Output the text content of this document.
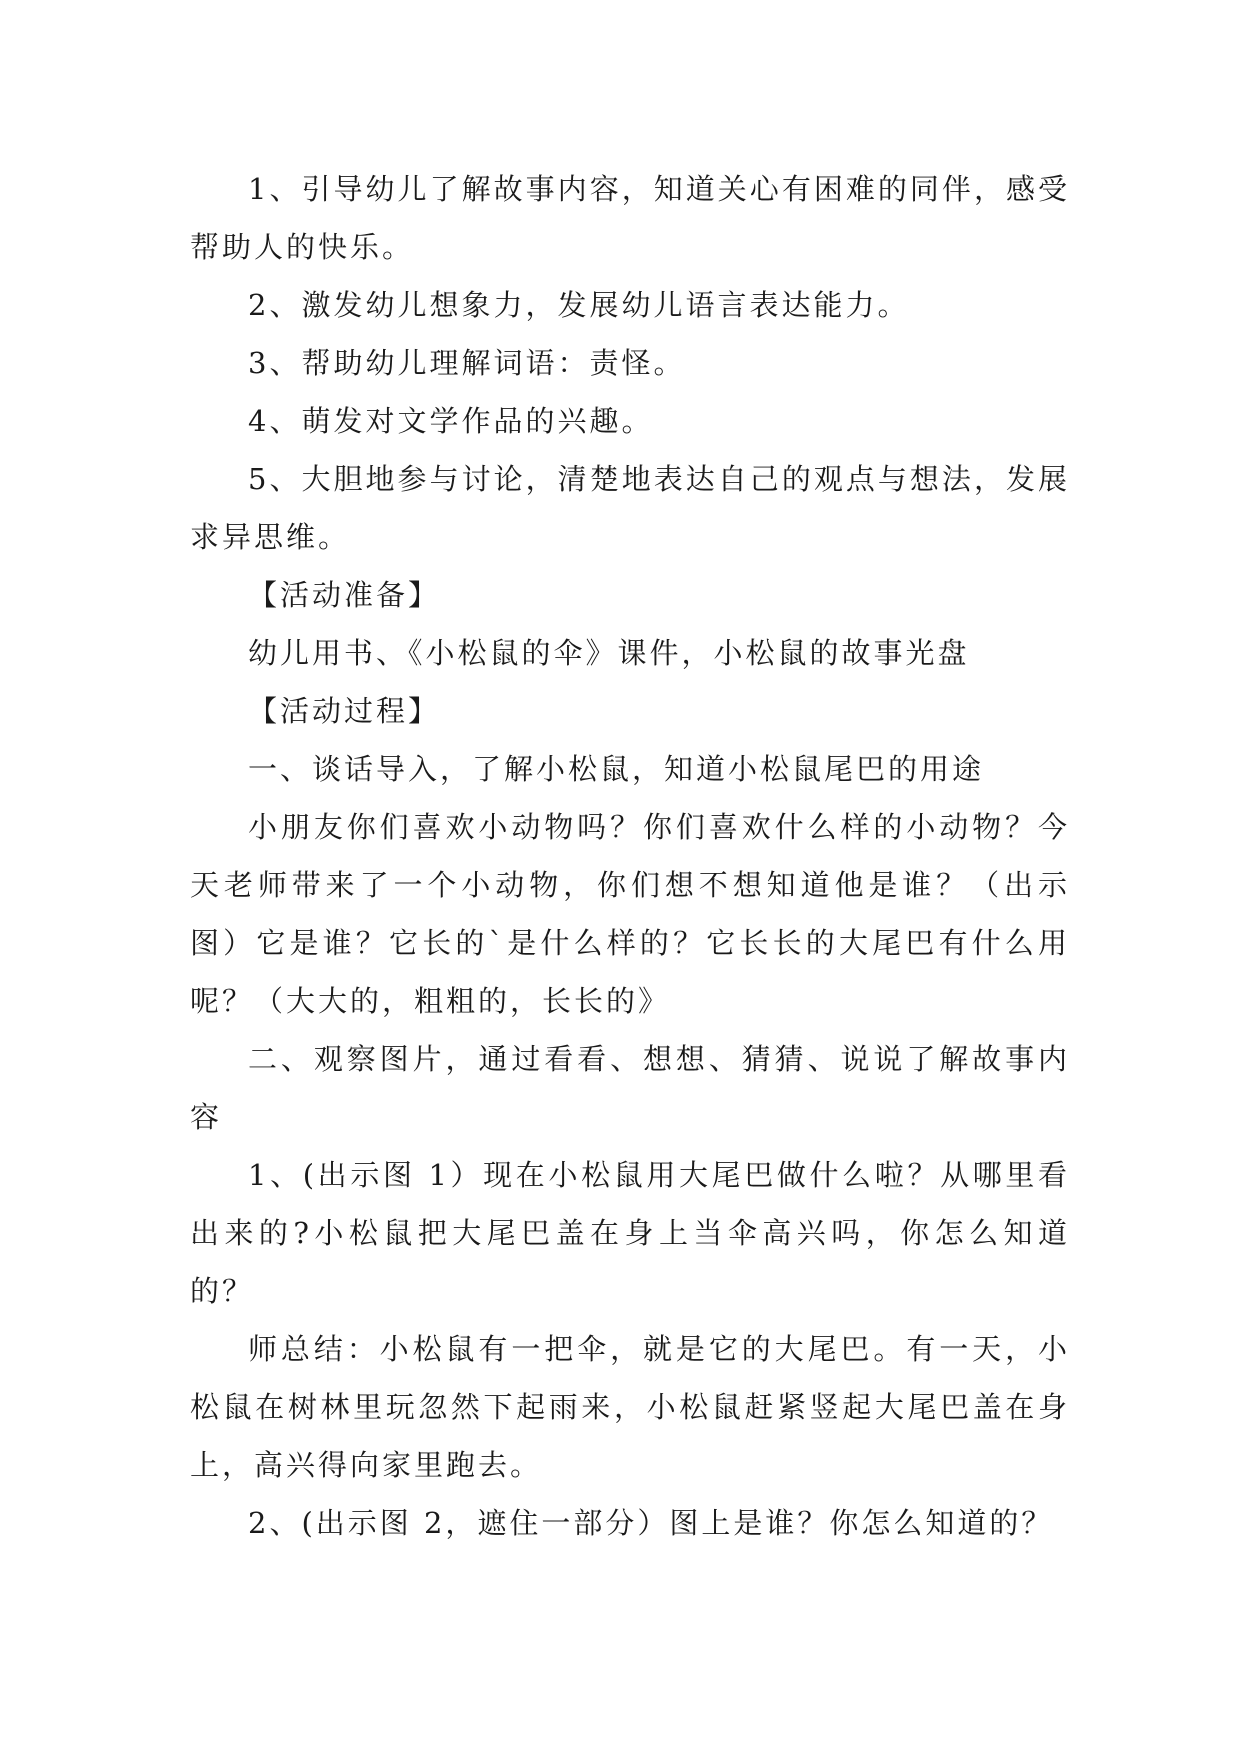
1、引导幼儿了解故事内容，知道关心有困难的同伴，感受帮助人的快乐。

2、激发幼儿想象力，发展幼儿语言表达能力。

3、帮助幼儿理解词语：责怪。

4、萌发对文学作品的兴趣。

5、大胆地参与讨论，清楚地表达自己的观点与想法，发展求异思维。

【活动准备】

幼儿用书、《小松鼠的伞》课件，小松鼠的故事光盘

【活动过程】

一、谈话导入，了解小松鼠，知道小松鼠尾巴的用途

小朋友你们喜欢小动物吗？你们喜欢什么样的小动物？今天老师带来了一个小动物，你们想不想知道他是谁？（出示图）它是谁？它长的`是什么样的？它长长的大尾巴有什么用呢？（大大的，粗粗的，长长的》

二、观察图片，通过看看、想想、猜猜、说说了解故事内容

1、(出示图 1）现在小松鼠用大尾巴做什么啦？从哪里看出来的?小松鼠把大尾巴盖在身上当伞高兴吗，你怎么知道的？

师总结：小松鼠有一把伞，就是它的大尾巴。有一天，小松鼠在树林里玩忽然下起雨来，小松鼠赶紧竖起大尾巴盖在身上，高兴得向家里跑去。

2、(出示图 2，遮住一部分）图上是谁？你怎么知道的？
